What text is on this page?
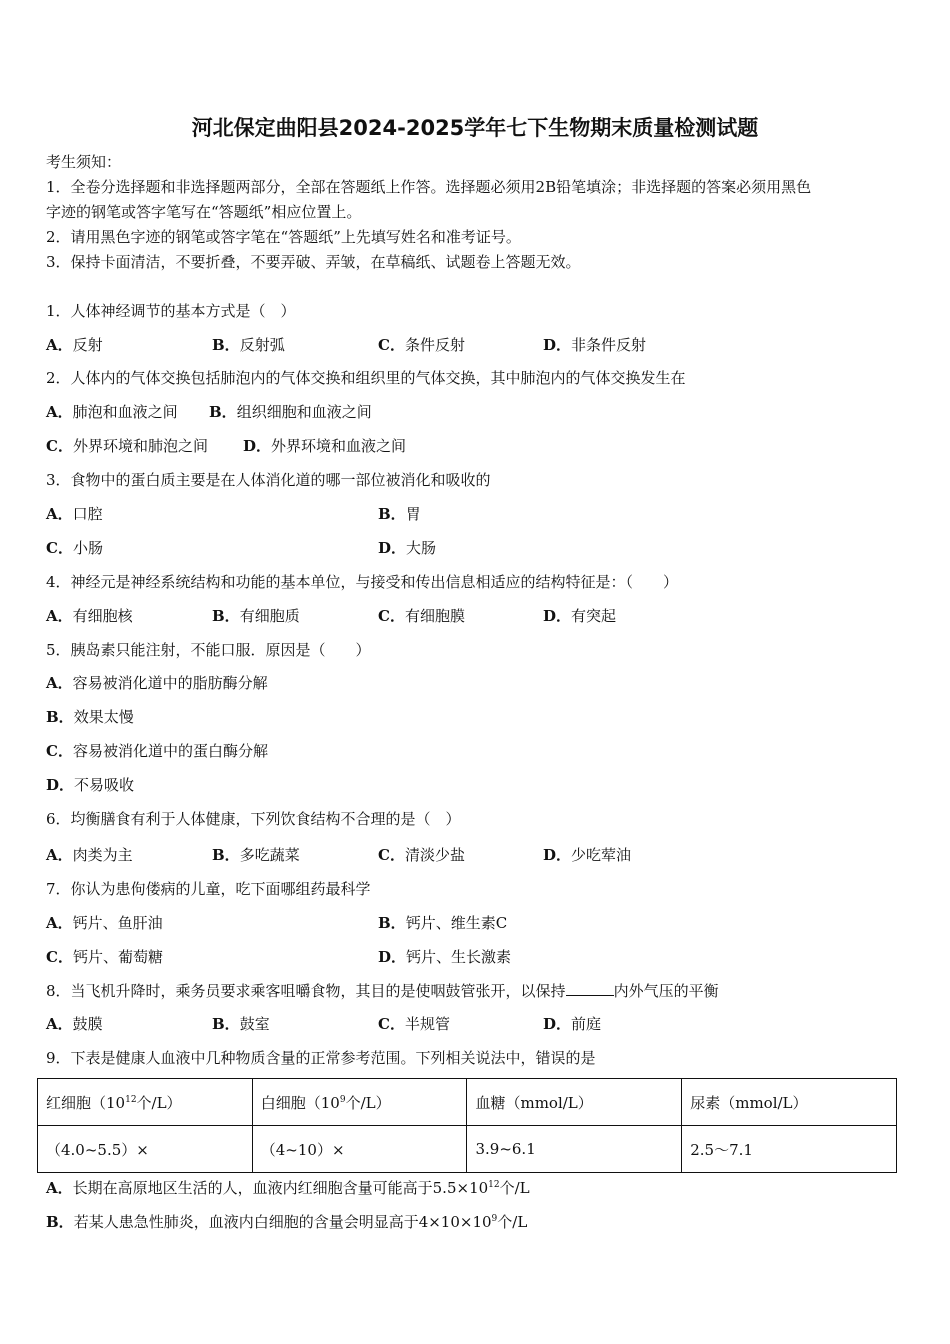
河北保定曲阳县2024-2025学年七下生物期末质量检测试题
考生须知：
1．全卷分选择题和非选择题两部分，全部在答题纸上作答。选择题必须用2B铅笔填涂；非选择题的答案必须用黑色
字迹的钢笔或答字笔写在“答题纸”相应位置上。
2．请用黑色字迹的钢笔或答字笔在“答题纸”上先填写姓名和准考证号。
3．保持卡面清洁，不要折叠，不要弄破、弄皱，在草稿纸、试题卷上答题无效。
1．人体神经调节的基本方式是（　）
A．反射	B．反射弧	C．条件反射	D．非条件反射
2．人体内的气体交换包括肺泡内的气体交换和组织里的气体交换，其中肺泡内的气体交换发生在
A．肺泡和血液之间 B．组织细胞和血液之间
C．外界环境和肺泡之间 D．外界环境和血液之间
3．食物中的蛋白质主要是在人体消化道的哪一部位被消化和吸收的
A．口腔	B．胃
C．小肠	D．大肠
4．神经元是神经系统结构和功能的基本单位，与接受和传出信息相适应的结构特征是：（　　）
A．有细胞核	B．有细胞质	C．有细胞膜	D．有突起
5．胰岛素只能注射，不能口服．原因是（　　）
A．容易被消化道中的脂肪酶分解
B．效果太慢
C．容易被消化道中的蛋白酶分解
D．不易吸收
6．均衡膳食有利于人体健康，下列饮食结构不合理的是（　）
A．肉类为主	B．多吃蔬菜	C．清淡少盐	D．少吃荤油
7．你认为患佝偻病的儿童，吃下面哪组药最科学
A．钙片、鱼肝油	B．钙片、维生素C
C．钙片、葡萄糖	D．钙片、生长激素
8．当飞机升降时，乘务员要求乘客咀嚼食物，其目的是使咽鼓管张开，以保持	内外气压的平衡
A．鼓膜	B．鼓室	C．半规管	D．前庭
9．下表是健康人血液中几种物质含量的正常参考范围。下列相关说法中，错误的是
红细胞（$10^{12}$个/L）	白细胞（$10^9$个/L）	血糖（mmol/L）	尿素（mmol/L）
（4.0~5.5）×	（4~10）×	3.9~6.1	2.5～7.1
A．长期在高原地区生活的人，血液内红细胞含量可能高于$5.5\times 10^{12}$个/L
B．若某人患急性肺炎，血液内白细胞的含量会明显高于$4\times 10\times 10^9$个/L
